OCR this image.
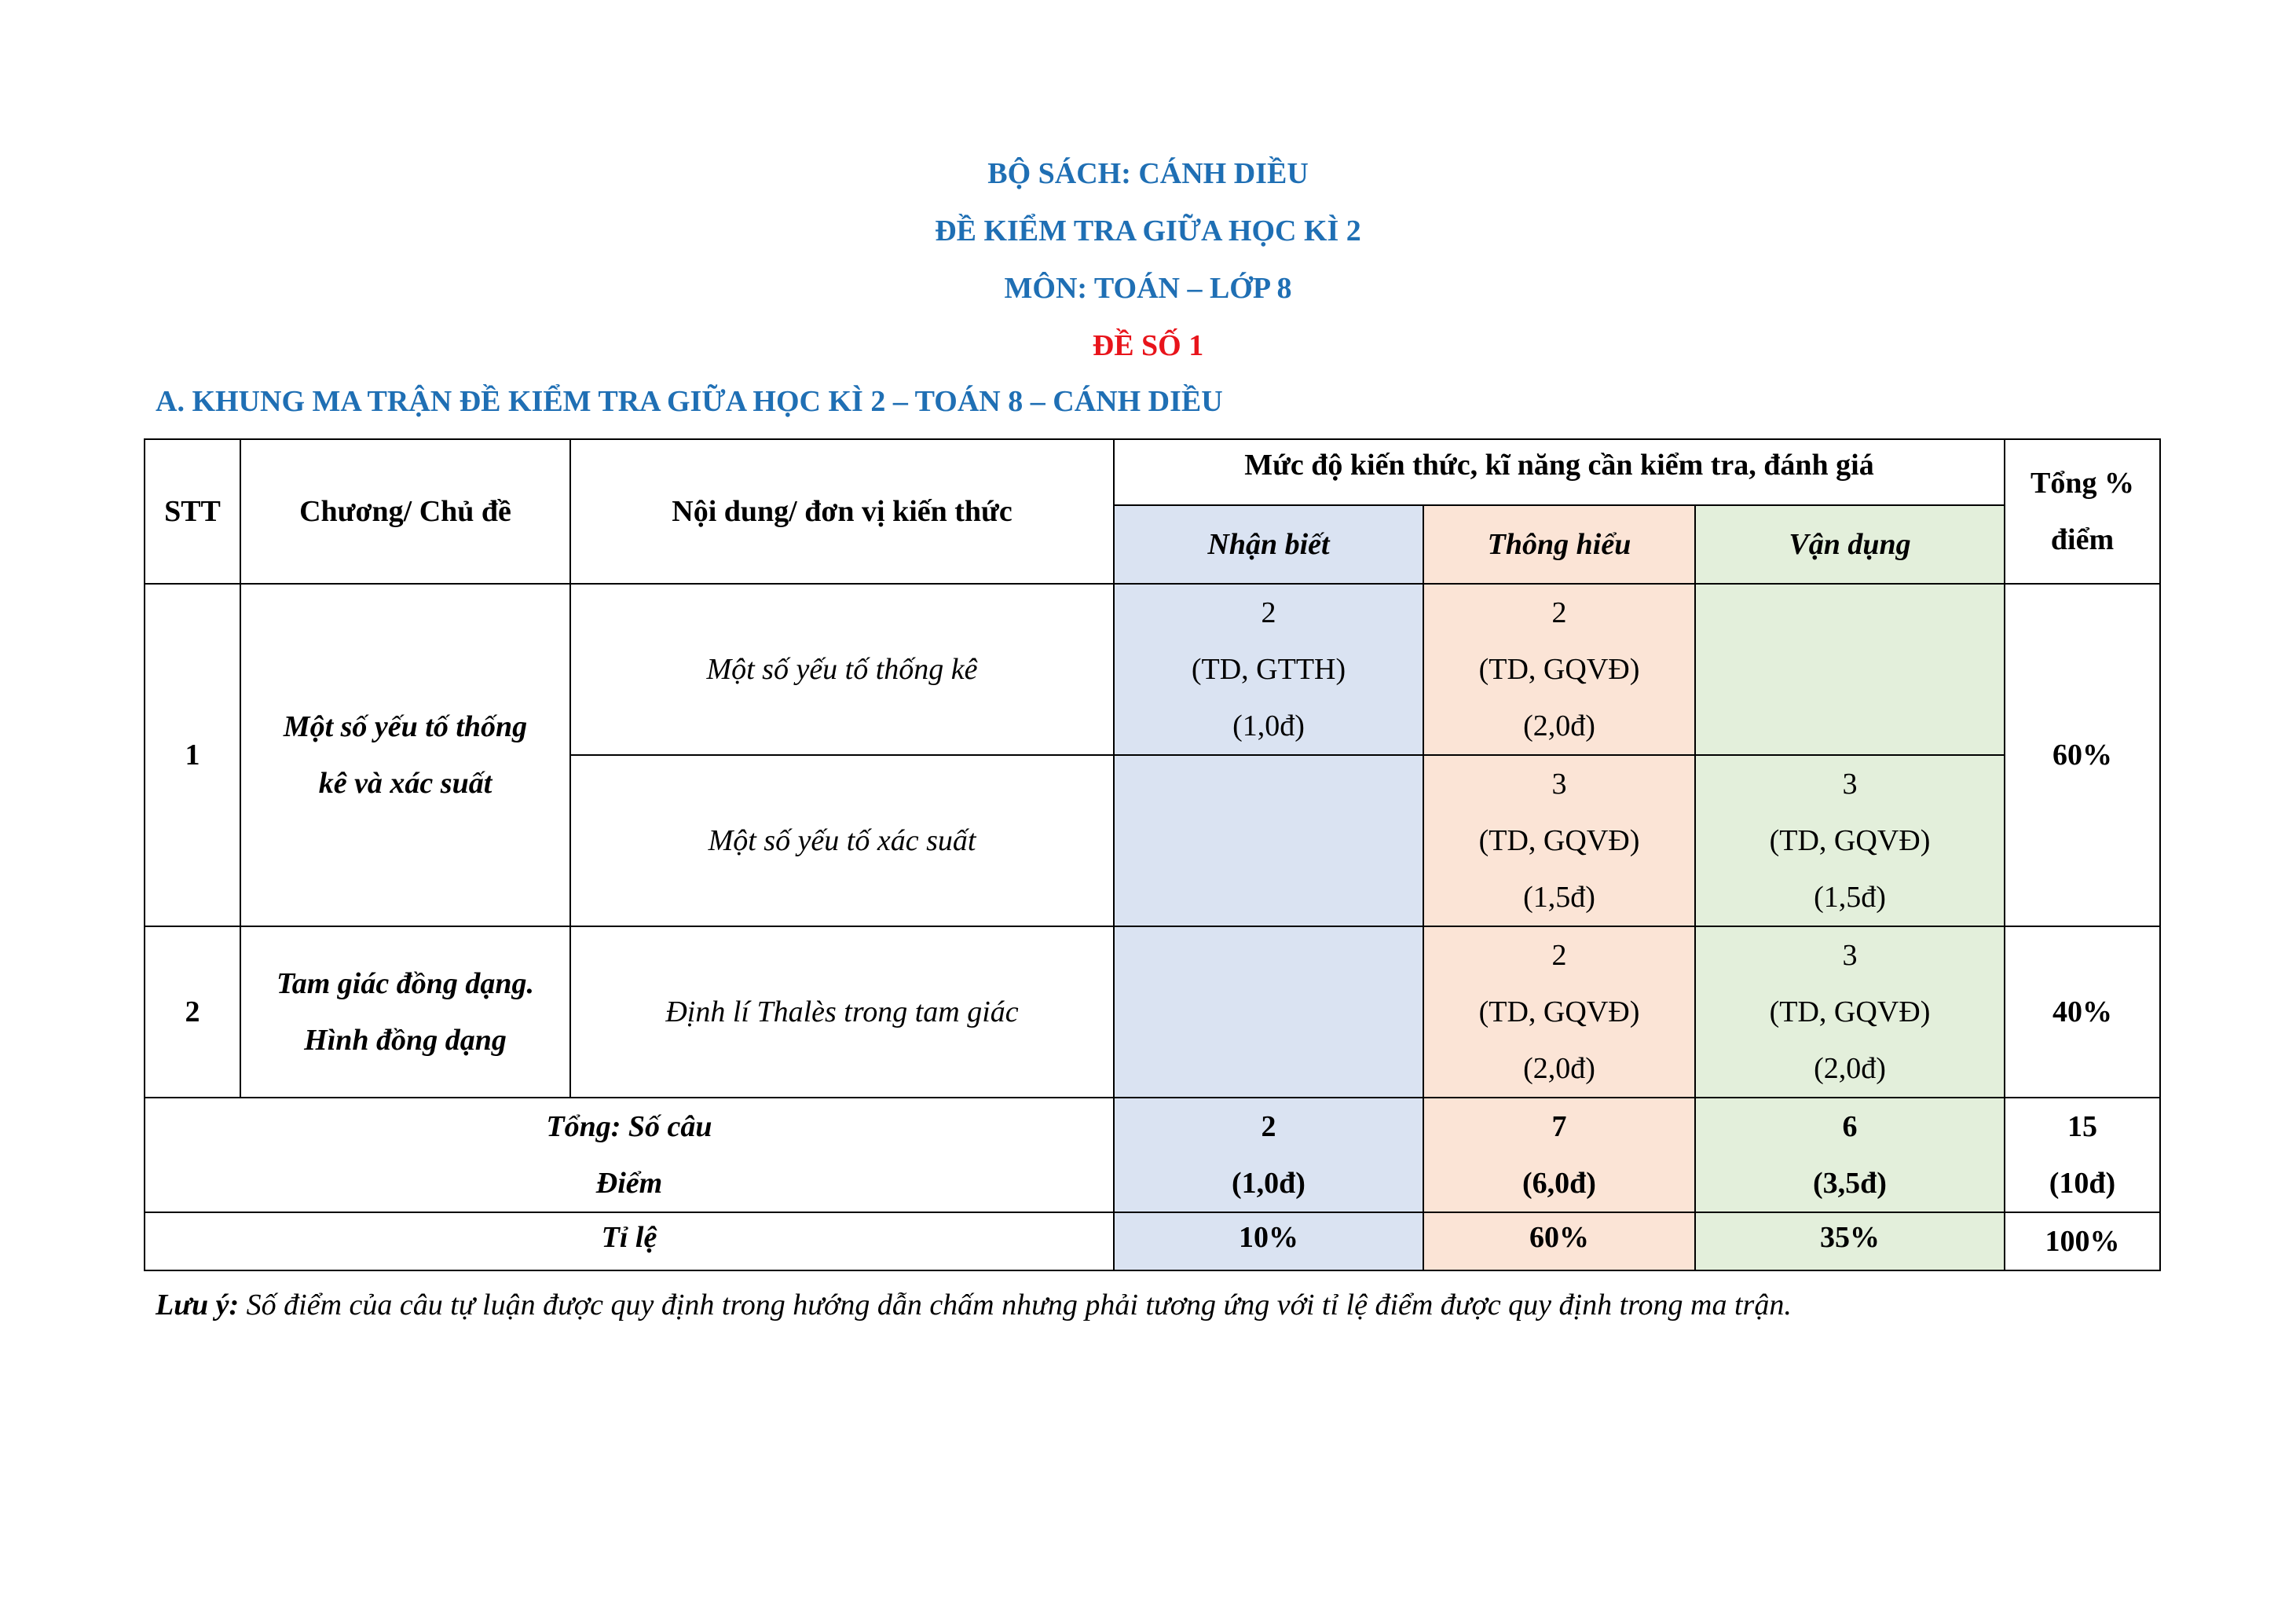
BỘ SÁCH: CÁNH DIỀU

ĐỀ KIỂM TRA GIỮA HỌC KÌ 2

MÔN: TOÁN – LỚP 8

ĐỀ SỐ 1

A. KHUNG MA TRẬN ĐỀ KIỂM TRA GIỮA HỌC KÌ 2 – TOÁN 8 – CÁNH DIỀU

STT	Chương/ Chủ đề	Nội dung/ đơn vị kiến thức	Mức độ kiến thức, kĩ năng cần kiểm tra, đánh giá			Tổng %
điểm

			Nhận biết	Thông hiểu	Vận dụng	
1	Một số yếu tố thống
kê và xác suất	Một số yếu tố thống kê	2
(TD, GTTH)
(1,0đ)	2
(TD, GQVĐ)
(2,0đ)		60%
		Một số yếu tố xác suất		3
(TD, GQVĐ)
(1,5đ)	3
(TD, GQVĐ)
(1,5đ)	

2	Tam giác đồng dạng.
Hình đồng dạng	Định lí Thalès trong tam giác		2
(TD, GQVĐ)
(2,0đ)	3
(TD, GQVĐ)
(2,0đ)	40%

Tổng: Số câu
Điểm			2
(1,0đ)	7
(6,0đ)	6
(3,5đ)	15
(10đ)

Tỉ lệ			10%	60%	35%	100%

Lưu ý: Số điểm của câu tự luận được quy định trong hướng dẫn chấm nhưng phải tương ứng với tỉ lệ điểm được quy định trong ma trận.
